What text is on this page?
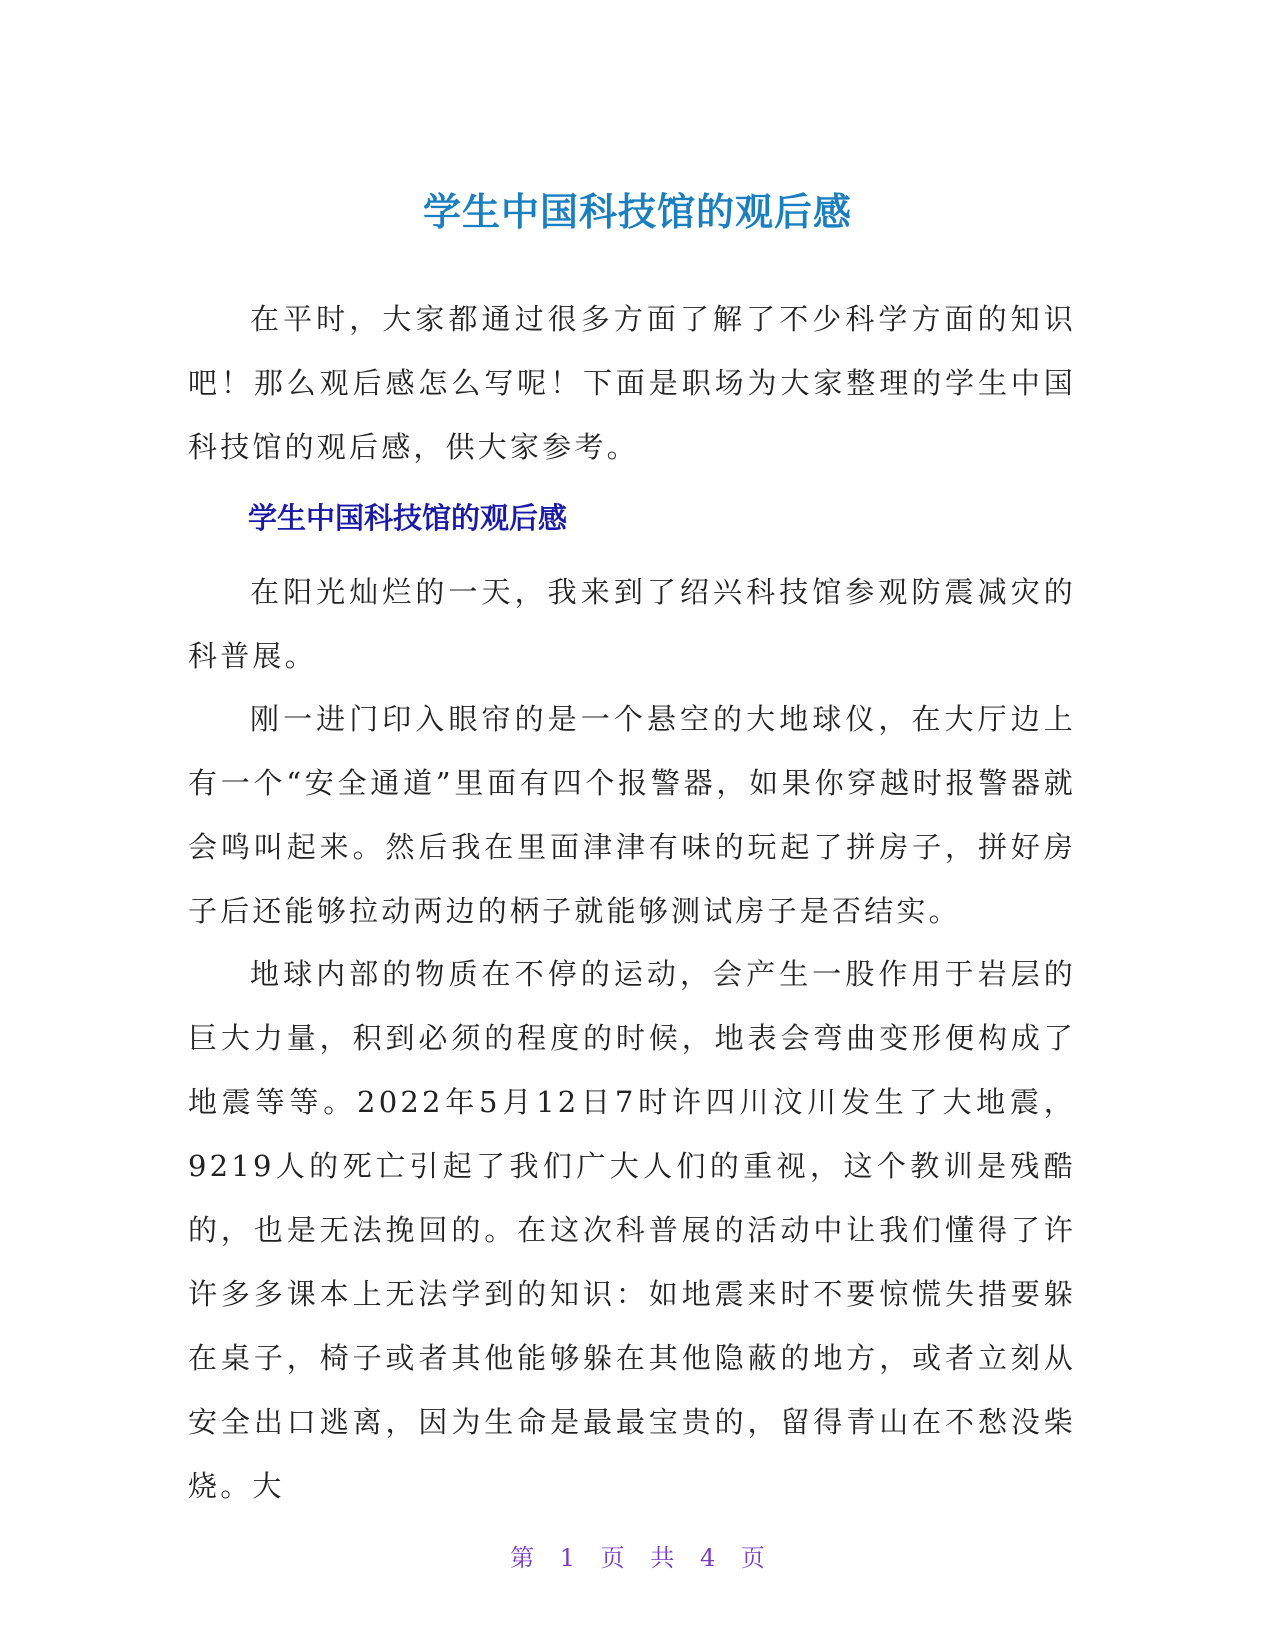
学生中国科技馆的观后感

在平时，大家都通过很多方面了解了不少科学方面的知识吧！那么观后感怎么写呢！下面是职场为大家整理的学生中国科技馆的观后感，供大家参考。

学生中国科技馆的观后感

在阳光灿烂的一天，我来到了绍兴科技馆参观防震减灾的科普展。

刚一进门印入眼帘的是一个悬空的大地球仪，在大厅边上有一个“安全通道”里面有四个报警器，如果你穿越时报警器就会鸣叫起来。然后我在里面津津有味的玩起了拼房子，拼好房子后还能够拉动两边的柄子就能够测试房子是否结实。

地球内部的物质在不停的运动，会产生一股作用于岩层的巨大力量，积到必须的程度的时候，地表会弯曲变形便构成了地震等等。2022年5月12日7时许四川汶川发生了大地震，9219人的死亡引起了我们广大人们的重视，这个教训是残酷的，也是无法挽回的。在这次科普展的活动中让我们懂得了许许多多课本上无法学到的知识：如地震来时不要惊慌失措要躲在桌子，椅子或者其他能够躲在其他隐蔽的地方，或者立刻从安全出口逃离，因为生命是最最宝贵的，留得青山在不愁没柴烧。大

第 1 页 共 4 页
